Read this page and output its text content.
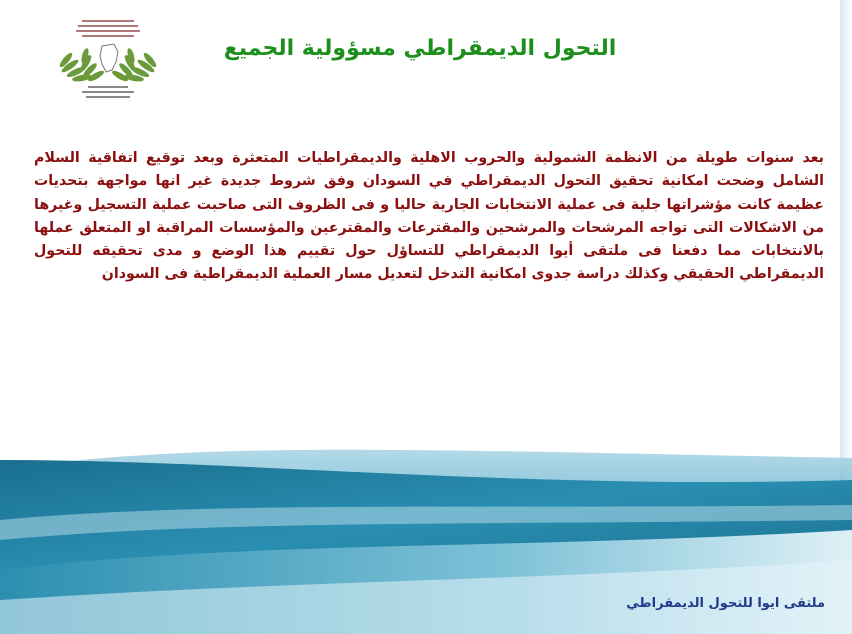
التحول الديمقراطي مسؤولية الجميع
بعد سنوات طويلة من الانظمة الشمولية والحروب الاهلية والديمقراطيات المتعثرة وبعد توقيع اتفاقية السلام الشامل وضحت امكانية تحقيق التحول الديمقراطي في السودان وفق شروط جديدة غير انها مواجهة بتحديات عظيمة كانت مؤشراتها جلية فى عملية الانتخابات الجارية حاليا و فى الظروف التى صاحبت عملية التسجيل وغيرها من الاشكالات التى تواجه المرشحات والمرشحين والمقترعات والمقترعين والمؤسسات المراقبة او المتعلق عملها بالانتخابات مما دفعنا فى ملتقى أيوا الديمقراطي للتساؤل حول تقييم هذا الوضع و مدى تحقيقه للتحول الديمقراطي الحقيقي وكذلك دراسة جدوى امكانية التدخل لتعديل مسار العملية الديمقراطية فى السودان
ملتقى ايوا للتحول الديمقراطي
